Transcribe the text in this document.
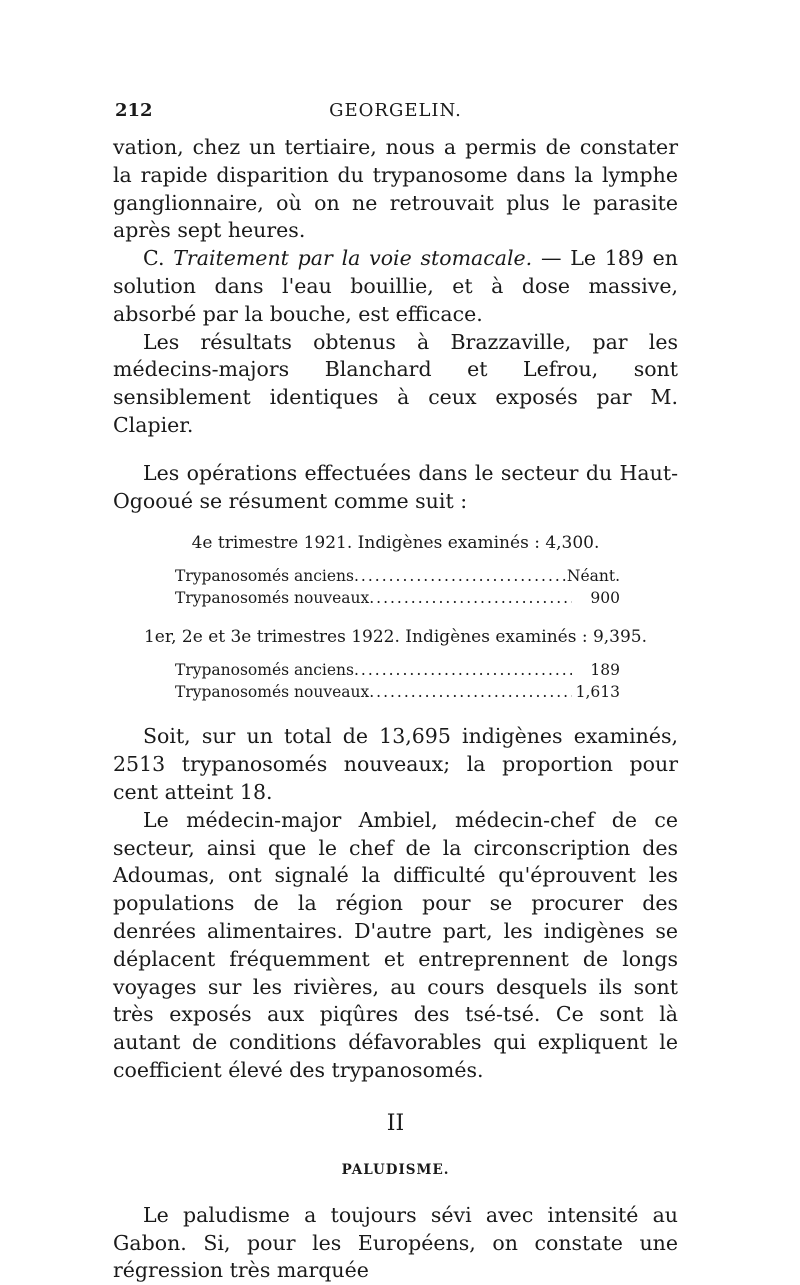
212	GEORGELIN.

vation, chez un tertiaire, nous a permis de constater la rapide disparition du trypanosome dans la lymphe ganglionnaire, où on ne retrouvait plus le parasite après sept heures.

C. Traitement par la voie stomacale. — Le 189 en solution dans l'eau bouillie, et à dose massive, absorbé par la bouche, est efficace.

Les résultats obtenus à Brazzaville, par les médecins-majors Blanchard et Lefrou, sont sensiblement identiques à ceux exposés par M. Clapier.

Les opérations effectuées dans le secteur du Haut-Ogooué se résument comme suit :

4e trimestre 1921. Indigènes examinés : 4,300.
Trypanosomés anciens .....	Néant.
Trypanosomés nouveaux .....	900
1er, 2e et 3e trimestres 1922. Indigènes examinés : 9,395.
Trypanosomés anciens .....	189
Trypanosomés nouveaux .....	1,613

Soit, sur un total de 13,695 indigènes examinés, 2513 trypanosomés nouveaux; la proportion pour cent atteint 18.

Le médecin-major Ambiel, médecin-chef de ce secteur, ainsi que le chef de la circonscription des Adoumas, ont signalé la difficulté qu'éprouvent les populations de la région pour se procurer des denrées alimentaires. D'autre part, les indigènes se déplacent fréquemment et entreprennent de longs voyages sur les rivières, au cours desquels ils sont très exposés aux piqûres des tsé-tsé. Ce sont là autant de conditions défavorables qui expliquent le coefficient élevé des trypanosomés.

II
PALUDISME.

Le paludisme a toujours sévi avec intensité au Gabon. Si, pour les Européens, on constate une régression très marquée
